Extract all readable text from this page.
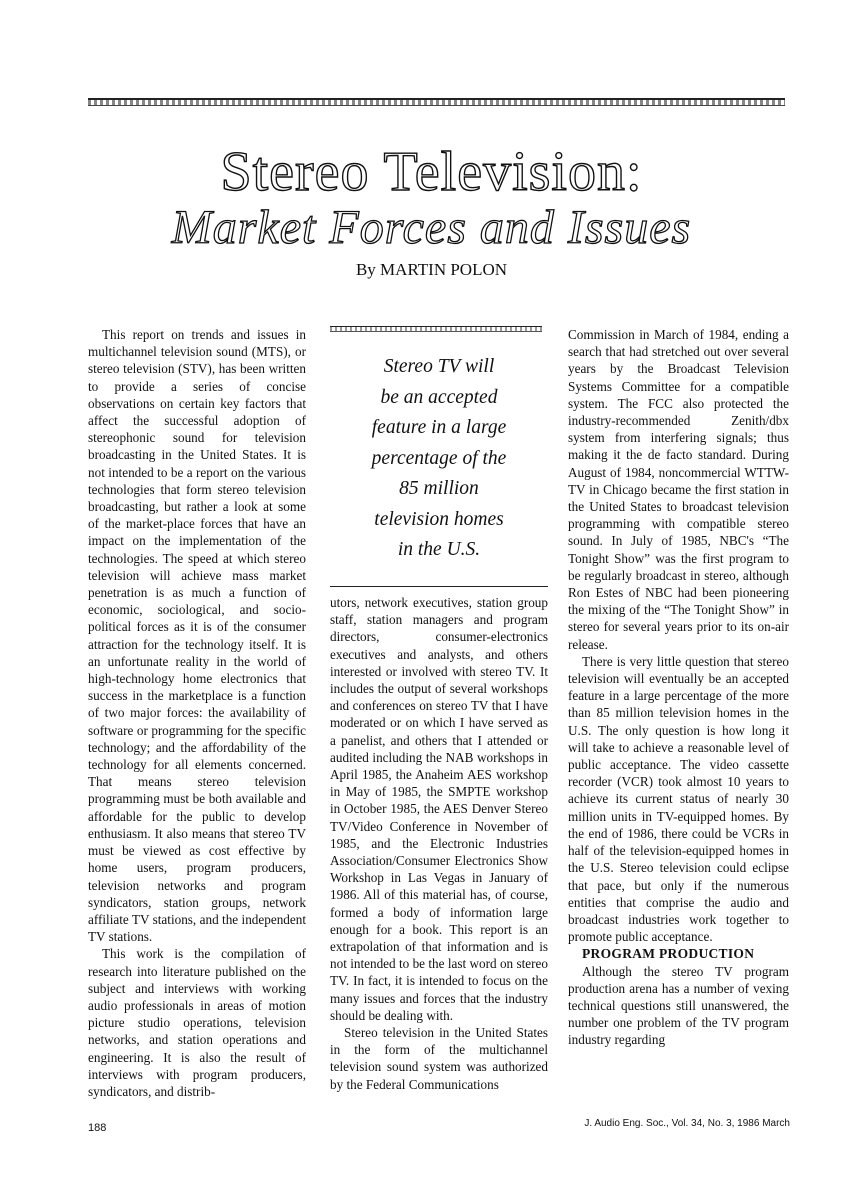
Stereo Television:
Market Forces and Issues
By MARTIN POLON

This report on trends and issues in multichannel television sound (MTS), or stereo television (STV), has been written to provide a series of concise observations on certain key factors that affect the successful adoption of stereophonic sound for television broadcasting in the United States. It is not intended to be a report on the various technologies that form stereo television broadcasting, but rather a look at some of the market-place forces that have an impact on the implementation of the technologies. The speed at which stereo television will achieve mass market penetration is as much a function of economic, sociological, and socio-political forces as it is of the consumer attraction for the technology itself. It is an unfortunate reality in the world of high-technology home electronics that success in the marketplace is a function of two major forces: the availability of software or programming for the specific technology; and the affordability of the technology for all elements concerned. That means stereo television programming must be both available and affordable for the public to develop enthusiasm. It also means that stereo TV must be viewed as cost effective by home users, program producers, television networks and program syndicators, station groups, network affiliate TV stations, and the independent TV stations.

This work is the compilation of research into literature published on the subject and interviews with working audio professionals in areas of motion picture studio operations, television networks, and station operations and engineering. It is also the result of interviews with program producers, syndicators, and distrib-

Stereo TV will
be an accepted
feature in a large
percentage of the
85 million
television homes
in the U.S.

utors, network executives, station group staff, station managers and program directors, consumer-electronics executives and analysts, and others interested or involved with stereo TV. It includes the output of several workshops and conferences on stereo TV that I have moderated or on which I have served as a panelist, and others that I attended or audited including the NAB workshops in April 1985, the Anaheim AES workshop in May of 1985, the SMPTE workshop in October 1985, the AES Denver Stereo TV/Video Conference in November of 1985, and the Electronic Industries Association/Consumer Electronics Show Workshop in Las Vegas in January of 1986. All of this material has, of course, formed a body of information large enough for a book. This report is an extrapolation of that information and is not intended to be the last word on stereo TV. In fact, it is intended to focus on the many issues and forces that the industry should be dealing with.

Stereo television in the United States in the form of the multichannel television sound system was authorized by the Federal Communications

Commission in March of 1984, ending a search that had stretched out over several years by the Broadcast Television Systems Committee for a compatible system. The FCC also protected the industry-recommended Zenith/dbx system from interfering signals; thus making it the de facto standard. During August of 1984, noncommercial WTTW-TV in Chicago became the first station in the United States to broadcast television programming with compatible stereo sound. In July of 1985, NBC's “The Tonight Show” was the first program to be regularly broadcast in stereo, although Ron Estes of NBC had been pioneering the mixing of the “The Tonight Show” in stereo for several years prior to its on-air release.

There is very little question that stereo television will eventually be an accepted feature in a large percentage of the more than 85 million television homes in the U.S. The only question is how long it will take to achieve a reasonable level of public acceptance. The video cassette recorder (VCR) took almost 10 years to achieve its current status of nearly 30 million units in TV-equipped homes. By the end of 1986, there could be VCRs in half of the television-equipped homes in the U.S. Stereo television could eclipse that pace, but only if the numerous entities that comprise the audio and broadcast industries work together to promote public acceptance.

PROGRAM PRODUCTION

Although the stereo TV program production arena has a number of vexing technical questions still unanswered, the number one problem of the TV program industry regarding

188	J. Audio Eng. Soc., Vol. 34, No. 3, 1986 March
